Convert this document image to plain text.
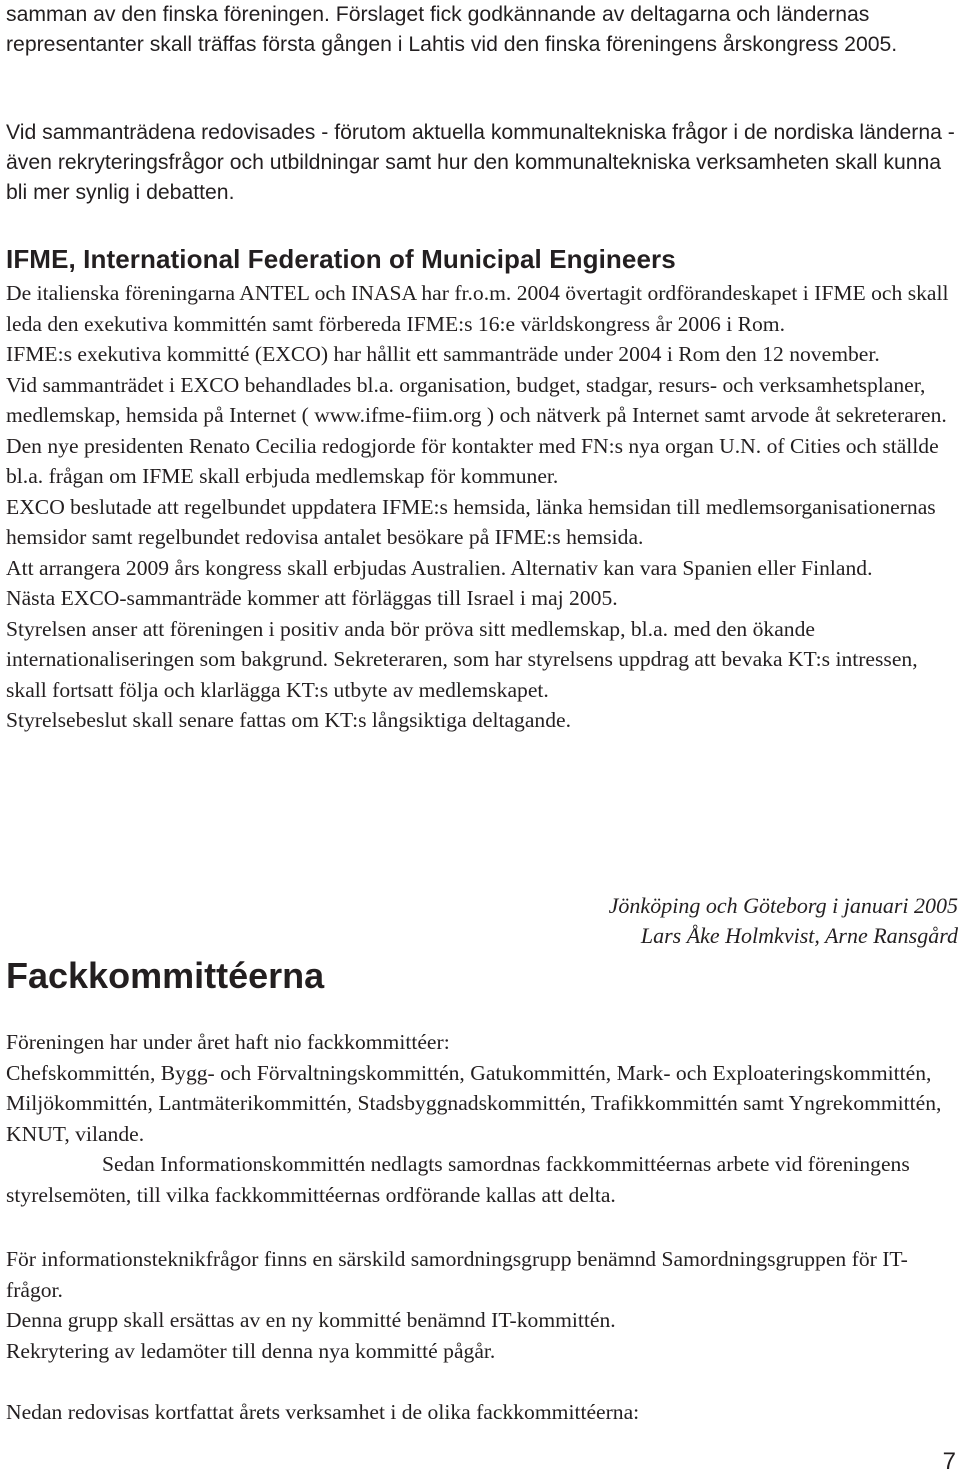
samman av den finska föreningen. Förslaget fick godkännande av deltagarna och ländernas representanter skall träffas första gången i Lahtis vid den finska föreningens årskongress 2005.

Vid sammanträdena redovisades - förutom aktuella kommunaltekniska frågor i de nordiska länderna - även rekryteringsfrågor och utbildningar samt hur den kommunaltekniska verksamheten skall kunna bli mer synlig i debatten.

IFME, International Federation of Municipal Engineers

De italienska föreningarna ANTEL och INASA har fr.o.m. 2004 övertagit ordförandeskapet i IFME och skall leda den exekutiva kommittén samt förbereda IFME:s 16:e världskongress år 2006 i Rom.

IFME:s exekutiva kommitté (EXCO) har hållit ett sammanträde under 2004 i Rom den 12 november.

Vid sammanträdet i EXCO behandlades bl.a. organisation, budget, stadgar, resurs- och verksamhetsplaner, medlemskap, hemsida på Internet ( www.ifme-fiim.org ) och nätverk på Internet samt arvode åt sekreteraren.

Den nye presidenten Renato Cecilia redogjorde för kontakter med FN:s nya organ U.N. of Cities och ställde bl.a. frågan om IFME skall erbjuda medlemskap för kommuner.

EXCO beslutade att regelbundet uppdatera IFME:s hemsida, länka hemsidan till medlemsorganisationernas hemsidor samt regelbundet redovisa antalet besökare på IFME:s hemsida.

Att arrangera 2009 års kongress skall erbjudas Australien. Alternativ kan vara Spanien eller Finland.

Nästa EXCO-sammanträde kommer att förläggas till Israel i maj 2005.

Styrelsen anser att föreningen i positiv anda bör pröva sitt medlemskap, bl.a. med den ökande internationaliseringen som bakgrund. Sekreteraren, som har styrelsens uppdrag att bevaka KT:s intressen, skall fortsatt följa och klarlägga KT:s utbyte av medlemskapet.

Styrelsebeslut skall senare fattas om KT:s långsiktiga deltagande.

Jönköping och Göteborg i januari 2005

Lars Åke Holmkvist, Arne Ransgård

Fackkommittéerna

Föreningen har under året haft nio fackkommittéer:

Chefskommittén, Bygg- och Förvaltningskommittén, Gatukommittén, Mark- och Exploateringskommittén, Miljökommittén, Lantmäterikommittén, Stadsbyggnadskommittén, Trafikkommittén samt Yngrekommittén, KNUT, vilande.

Sedan Informationskommittén nedlagts samordnas fackkommittéernas arbete vid föreningens styrelsemöten, till vilka fackkommittéernas ordförande kallas att delta.

För informationsteknikfrågor finns en särskild samordningsgrupp benämnd Samordningsgruppen för IT-frågor.

Denna grupp skall ersättas av en ny kommitté benämnd IT-kommittén.

Rekrytering av ledamöter till denna nya kommitté pågår.

Nedan redovisas kortfattat årets verksamhet i de olika fackkommittéerna:

7
